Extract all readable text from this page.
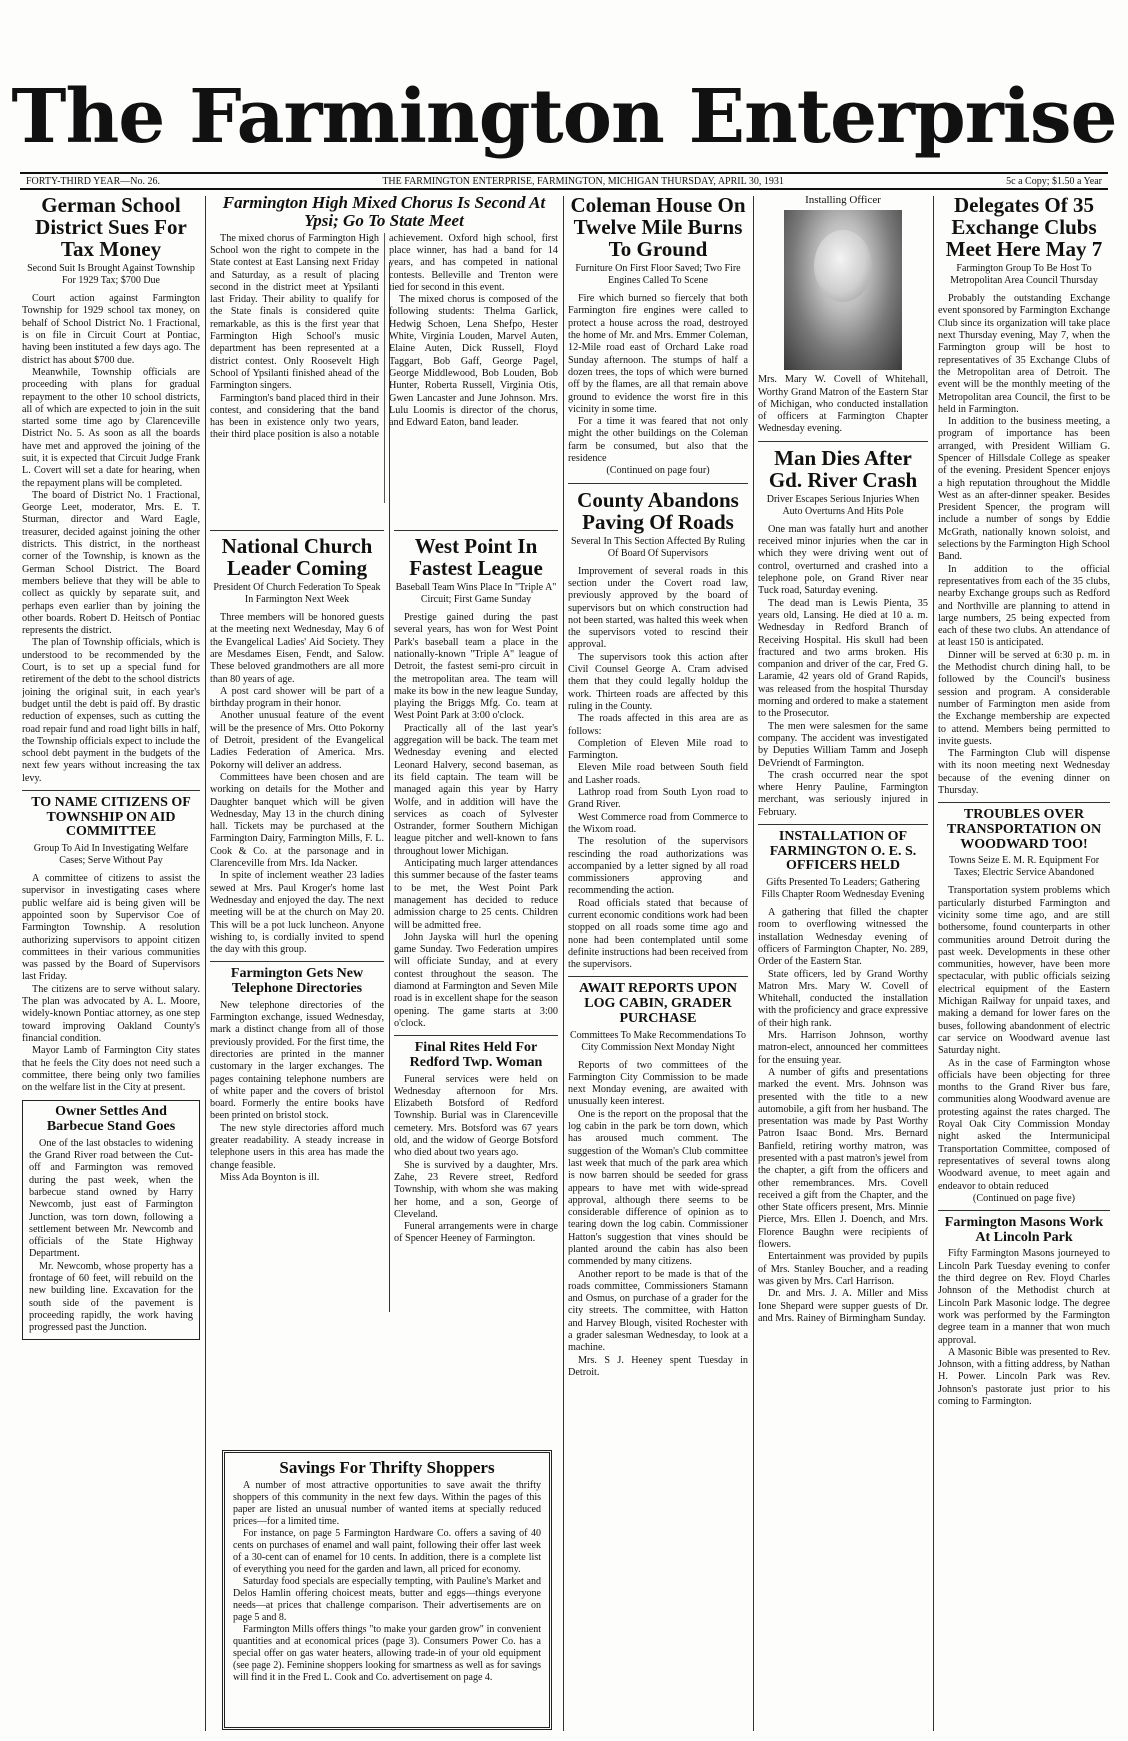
The Farmington Enterprise
FORTY-THIRD YEAR—No. 26.	THE FARMINGTON ENTERPRISE, FARMINGTON, MICHIGAN THURSDAY, APRIL 30, 1931	5c a Copy; $1.50 a Year
German School District Sues For Tax Money
Second Suit Is Brought Against Township For 1929 Tax; $700 Due

Court action against Farmington Township for 1929 school tax money, on behalf of School District No. 1 Fractional, is on file in Circuit Court at Pontiac, having been instituted a few days ago. The district has about $700 due.

Meanwhile, Township officials are proceeding with plans for gradual repayment to the other 10 school districts, all of which are expected to join in the suit started some time ago by Clarenceville District No. 5. As soon as all the boards have met and approved the joining of the suit, it is expected that Circuit Judge Frank L. Covert will set a date for hearing, when the repayment plans will be completed.

The board of District No. 1 Fractional, George Leet, moderator, Mrs. E. T. Sturman, director and Ward Eagle, treasurer, decided against joining the other districts. This district, in the northeast corner of the Township, is known as the German School District. The Board members believe that they will be able to collect as quickly by separate suit, and perhaps even earlier than by joining the other boards. Robert D. Heitsch of Pontiac represents the district.

The plan of Township officials, which is understood to be recommended by the Court, is to set up a special fund for retirement of the debt to the school districts joining the original suit, in each year's budget until the debt is paid off. By drastic reduction of expenses, such as cutting the road repair fund and road light bills in half, the Township officials expect to include the school debt payment in the budgets of the next few years without increasing the tax levy.

TO NAME CITIZENS OF TOWNSHIP ON AID COMMITTEE
Group To Aid In Investigating Welfare Cases; Serve Without Pay

A committee of citizens to assist the supervisor in investigating cases where public welfare aid is being given will be appointed soon by Supervisor Coe of Farmington Township. A resolution authorizing supervisors to appoint citizen committees in their various communities was passed by the Board of Supervisors last Friday.

The citizens are to serve without salary. The plan was advocated by A. L. Moore, widely-known Pontiac attorney, as one step toward improving Oakland County's financial condition.

Mayor Lamb of Farmington City states that he feels the City does not need such a committee, there being only two families on the welfare list in the City at present.

Owner Settles And Barbecue Stand Goes

One of the last obstacles to widening the Grand River road between the Cut-off and Farmington was removed during the past week, when the barbecue stand owned by Harry Newcomb, just east of Farmington Junction, was torn down, following a settlement between Mr. Newcomb and officials of the State Highway Department.

Mr. Newcomb, whose property has a frontage of 60 feet, will rebuild on the new building line. Excavation for the south side of the pavement is proceeding rapidly, the work having progressed past the Junction.

Farmington High Mixed Chorus Is Second At Ypsi; Go To State Meet

The mixed chorus of Farmington High School won the right to compete in the State contest at East Lansing next Friday and Saturday, as a result of placing second in the district meet at Ypsilanti last Friday. Their ability to qualify for the State finals is considered quite remarkable, as this is the first year that Farmington High School's music department has been represented at a district contest. Only Roosevelt High School of Ypsilanti finished ahead of the Farmington singers.

Farmington's band placed third in their contest, and considering that the band has been in existence only two years, their third place position is also a notable achievement. Oxford high school, first place winner, has had a band for 14 years, and has competed in national contests. Belleville and Trenton were tied for second in this event.

The mixed chorus is composed of the following students: Thelma Garlick, Hedwig Schoen, Lena Shefpo, Hester White, Virginia Louden, Marvel Auten, Elaine Auten, Dick Russell, Floyd Taggart, Bob Gaff, George Pagel, George Middlewood, Bob Louden, Bob Hunter, Roberta Russell, Virginia Otis, Gwen Lancaster and June Johnson. Mrs. Lulu Loomis is director of the chorus, and Edward Eaton, band leader.

National Church Leader Coming
President Of Church Federation To Speak In Farmington Next Week

Three members will be honored guests at the meeting next Wednesday, May 6 of the Evangelical Ladies' Aid Society. They are Mesdames Eisen, Fendt, and Salow. These beloved grandmothers are all more than 80 years of age.

A post card shower will be part of a birthday program in their honor.

Another unusual feature of the event will be the presence of Mrs. Otto Pokorny of Detroit, president of the Evangelical Ladies Federation of America. Mrs. Pokorny will deliver an address.

Committees have been chosen and are working on details for the Mother and Daughter banquet which will be given Wednesday, May 13 in the church dining hall. Tickets may be purchased at the Farmington Dairy, Farmington Mills, F. L. Cook & Co. at the parsonage and in Clarenceville from Mrs. Ida Nacker.

In spite of inclement weather 23 ladies sewed at Mrs. Paul Kroger's home last Wednesday and enjoyed the day. The next meeting will be at the church on May 20. This will be a pot luck luncheon. Anyone wishing to, is cordially invited to spend the day with this group.

Farmington Gets New Telephone Directories

New telephone directories of the Farmington exchange, issued Wednesday, mark a distinct change from all of those previously provided. For the first time, the directories are printed in the manner customary in the larger exchanges. The pages containing telephone numbers are of white paper and the covers of bristol board. Formerly the entire books have been printed on bristol stock.

The new style directories afford much greater readability. A steady increase in telephone users in this area has made the change feasible.

Miss Ada Boynton is ill.

West Point In Fastest League
Baseball Team Wins Place In "Triple A" Circuit; First Game Sunday

Prestige gained during the past several years, has won for West Point Park's baseball team a place in the nationally-known "Triple A" league of Detroit, the fastest semi-pro circuit in the metropolitan area. The team will make its bow in the new league Sunday, playing the Briggs Mfg. Co. team at West Point Park at 3:00 o'clock.

Practically all of the last year's aggregation will be back. The team met Wednesday evening and elected Leonard Halvery, second baseman, as its field captain. The team will be managed again this year by Harry Wolfe, and in addition will have the services as coach of Sylvester Ostrander, former Southern Michigan league pitcher and well-known to fans throughout lower Michigan.

Anticipating much larger attendances this summer because of the faster teams to be met, the West Point Park management has decided to reduce admission charge to 25 cents. Children will be admitted free.

John Jayska will hurl the opening game Sunday. Two Federation umpires will officiate Sunday, and at every contest throughout the season. The diamond at Farmington and Seven Mile road is in excellent shape for the season opening. The game starts at 3:00 o'clock.

Final Rites Held For Redford Twp. Woman

Funeral services were held on Wednesday afternoon for Mrs. Elizabeth Botsford of Redford Township. Burial was in Clarenceville cemetery. Mrs. Botsford was 67 years old, and the widow of George Botsford who died about two years ago.

She is survived by a daughter, Mrs. Zahe, 23 Revere street, Redford Township, with whom she was making her home, and a son, George of Cleveland.

Funeral arrangements were in charge of Spencer Heeney of Farmington.

Savings For Thrifty Shoppers

A number of most attractive opportunities to save await the thrifty shoppers of this community in the next few days. Within the pages of this paper are listed an unusual number of wanted items at specially reduced prices—for a limited time.

For instance, on page 5 Farmington Hardware Co. offers a saving of 40 cents on purchases of enamel and wall paint, following their offer last week of a 30-cent can of enamel for 10 cents. In addition, there is a complete list of everything you need for the garden and lawn, all priced for economy.

Saturday food specials are especially tempting, with Pauline's Market and Delos Hamlin offering choicest meats, butter and eggs—things everyone needs—at prices that challenge comparison. Their advertisements are on page 5 and 8.

Farmington Mills offers things "to make your garden grow" in convenient quantities and at economical prices (page 3). Consumers Power Co. has a special offer on gas water heaters, allowing trade-in of your old equipment (see page 2). Feminine shoppers looking for smartness as well as for savings will find it in the Fred L. Cook and Co. advertisement on page 4.

Coleman House On Twelve Mile Burns To Ground
Furniture On First Floor Saved; Two Fire Engines Called To Scene

Fire which burned so fiercely that both Farmington fire engines were called to protect a house across the road, destroyed the home of Mr. and Mrs. Emmer Coleman, 12-Mile road east of Orchard Lake road Sunday afternoon. The stumps of half a dozen trees, the tops of which were burned off by the flames, are all that remain above ground to evidence the worst fire in this vicinity in some time.

For a time it was feared that not only might the other buildings on the Coleman farm be consumed, but also that the residence

(Continued on page four)

County Abandons Paving Of Roads
Several In This Section Affected By Ruling Of Board Of Supervisors

Improvement of several roads in this section under the Covert road law, previously approved by the board of supervisors but on which construction had not been started, was halted this week when the supervisors voted to rescind their approval.

The supervisors took this action after Civil Counsel George A. Cram advised them that they could legally holdup the work. Thirteen roads are affected by this ruling in the County.

The roads affected in this area are as follows:

Completion of Eleven Mile road to Farmington.

Eleven Mile road between South field and Lasher roads.

Lathrop road from South Lyon road to Grand River.

West Commerce road from Commerce to the Wixom road.

The resolution of the supervisors rescinding the road authorizations was accompanied by a letter signed by all road commissioners approving and recommending the action.

Road officials stated that because of current economic conditions work had been stopped on all roads some time ago and none had been contemplated until some definite instructions had been received from the supervisors.

AWAIT REPORTS UPON LOG CABIN, GRADER PURCHASE
Committees To Make Recommendations To City Commission Next Monday Night

Reports of two committees of the Farmington City Commission to be made next Monday evening, are awaited with unusually keen interest.

One is the report on the proposal that the log cabin in the park be torn down, which has aroused much comment. The suggestion of the Woman's Club committee last week that much of the park area which is now barren should be seeded for grass appears to have met with wide-spread approval, although there seems to be considerable difference of opinion as to tearing down the log cabin. Commissioner Hatton's suggestion that vines should be planted around the cabin has also been commended by many citizens.

Another report to be made is that of the roads committee, Commissioners Stamann and Osmus, on purchase of a grader for the city streets. The committee, with Hatton and Harvey Blough, visited Rochester with a grader salesman Wednesday, to look at a machine.

Mrs. S J. Heeney spent Tuesday in Detroit.

Installing Officer

Mrs. Mary W. Covell of Whitehall, Worthy Grand Matron of the Eastern Star of Michigan, who conducted installation of officers at Farmington Chapter Wednesday evening.

Man Dies After Gd. River Crash
Driver Escapes Serious Injuries When Auto Overturns And Hits Pole

One man was fatally hurt and another received minor injuries when the car in which they were driving went out of control, overturned and crashed into a telephone pole, on Grand River near Tuck road, Saturday evening.

The dead man is Lewis Pienta, 35 years old, Lansing. He died at 10 a. m. Wednesday in Redford Branch of Receiving Hospital. His skull had been fractured and two arms broken. His companion and driver of the car, Fred G. Laramie, 42 years old of Grand Rapids, was released from the hospital Thursday morning and ordered to make a statement to the Prosecutor.

The men were salesmen for the same company. The accident was investigated by Deputies William Tamm and Joseph DeVriendt of Farmington.

The crash occurred near the spot where Henry Pauline, Farmington merchant, was seriously injured in February.

INSTALLATION OF FARMINGTON O. E. S. OFFICERS HELD
Gifts Presented To Leaders; Gathering Fills Chapter Room Wednesday Evening

A gathering that filled the chapter room to overflowing witnessed the installation Wednesday evening of officers of Farmington Chapter, No. 289, Order of the Eastern Star.

State officers, led by Grand Worthy Matron Mrs. Mary W. Covell of Whitehall, conducted the installation with the proficiency and grace expressive of their high rank.

Mrs. Harrison Johnson, worthy matron-elect, announced her committees for the ensuing year.

A number of gifts and presentations marked the event. Mrs. Johnson was presented with the title to a new automobile, a gift from her husband. The presentation was made by Past Worthy Patron Isaac Bond. Mrs. Bernard Banfield, retiring worthy matron, was presented with a past matron's jewel from the chapter, a gift from the officers and other remembrances. Mrs. Covell received a gift from the Chapter, and the other State officers present, Mrs. Minnie Pierce, Mrs. Ellen J. Doench, and Mrs. Florence Baughn were recipients of flowers.

Entertainment was provided by pupils of Mrs. Stanley Boucher, and a reading was given by Mrs. Carl Harrison.

Dr. and Mrs. J. A. Miller and Miss Ione Shepard were supper guests of Dr. and Mrs. Rainey of Birmingham Sunday.

Delegates Of 35 Exchange Clubs Meet Here May 7
Farmington Group To Be Host To Metropolitan Area Council Thursday

Probably the outstanding Exchange event sponsored by Farmington Exchange Club since its organization will take place next Thursday evening, May 7, when the Farmington group will be host to representatives of 35 Exchange Clubs of the Metropolitan area of Detroit. The event will be the monthly meeting of the Metropolitan area Council, the first to be held in Farmington.

In addition to the business meeting, a program of importance has been arranged, with President William G. Spencer of Hillsdale College as speaker of the evening. President Spencer enjoys a high reputation throughout the Middle West as an after-dinner speaker. Besides President Spencer, the program will include a number of songs by Eddie McGrath, nationally known soloist, and selections by the Farmington High School Band.

In addition to the official representatives from each of the 35 clubs, nearby Exchange groups such as Redford and Northville are planning to attend in large numbers, 25 being expected from each of these two clubs. An attendance of at least 150 is anticipated.

Dinner will be served at 6:30 p. m. in the Methodist church dining hall, to be followed by the Council's business session and program. A considerable number of Farmington men aside from the Exchange membership are expected to attend. Members being permitted to invite guests.

The Farmington Club will dispense with its noon meeting next Wednesday because of the evening dinner on Thursday.

TROUBLES OVER TRANSPORTATION ON WOODWARD TOO!
Towns Seize E. M. R. Equipment For Taxes; Electric Service Abandoned

Transportation system problems which particularly disturbed Farmington and vicinity some time ago, and are still bothersome, found counterparts in other communities around Detroit during the past week. Developments in these other communities, however, have been more spectacular, with public officials seizing electrical equipment of the Eastern Michigan Railway for unpaid taxes, and making a demand for lower fares on the buses, following abandonment of electric car service on Woodward avenue last Saturday night.

As in the case of Farmington whose officials have been objecting for three months to the Grand River bus fare, communities along Woodward avenue are protesting against the rates charged. The Royal Oak City Commission Monday night asked the Intermunicipal Transportation Committee, composed of representatives of several towns along Woodward avenue, to meet again and endeavor to obtain reduced

(Continued on page five)

Farmington Masons Work At Lincoln Park

Fifty Farmington Masons journeyed to Lincoln Park Tuesday evening to confer the third degree on Rev. Floyd Charles Johnson of the Methodist church at Lincoln Park Masonic lodge. The degree work was performed by the Farmington degree team in a manner that won much approval.

A Masonic Bible was presented to Rev. Johnson, with a fitting address, by Nathan H. Power. Lincoln Park was Rev. Johnson's pastorate just prior to his coming to Farmington.
